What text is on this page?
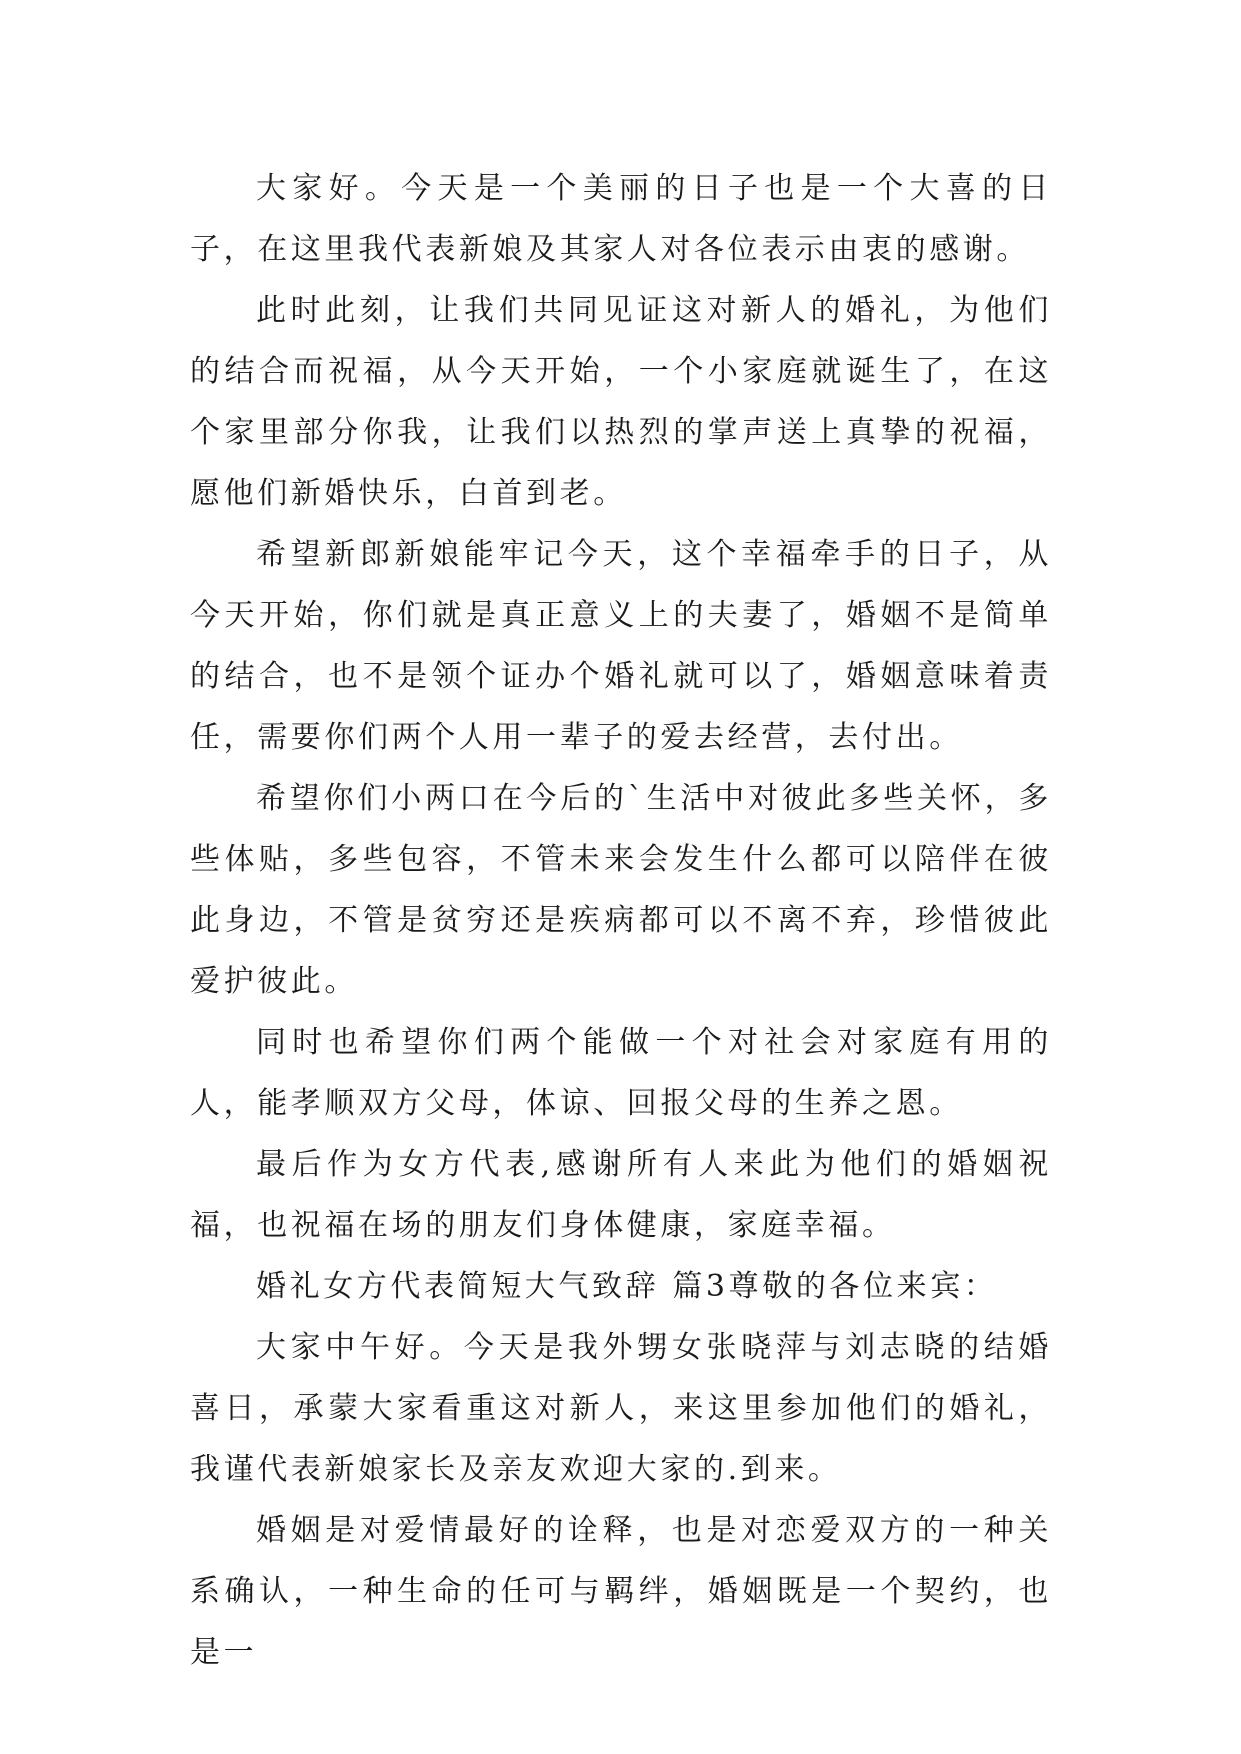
大家好。今天是一个美丽的日子也是一个大喜的日子，在这里我代表新娘及其家人对各位表示由衷的感谢。

此时此刻，让我们共同见证这对新人的婚礼，为他们的结合而祝福，从今天开始，一个小家庭就诞生了，在这个家里部分你我，让我们以热烈的掌声送上真挚的祝福，愿他们新婚快乐，白首到老。

希望新郎新娘能牢记今天，这个幸福牵手的日子，从今天开始，你们就是真正意义上的夫妻了，婚姻不是简单的结合，也不是领个证办个婚礼就可以了，婚姻意味着责任，需要你们两个人用一辈子的爱去经营，去付出。

希望你们小两口在今后的`生活中对彼此多些关怀，多些体贴，多些包容，不管未来会发生什么都可以陪伴在彼此身边，不管是贫穷还是疾病都可以不离不弃，珍惜彼此爱护彼此。

同时也希望你们两个能做一个对社会对家庭有用的人，能孝顺双方父母，体谅、回报父母的生养之恩。

最后作为女方代表,感谢所有人来此为他们的婚姻祝福，也祝福在场的朋友们身体健康，家庭幸福。

婚礼女方代表简短大气致辞 篇3尊敬的各位来宾：

大家中午好。今天是我外甥女张晓萍与刘志晓的结婚喜日，承蒙大家看重这对新人，来这里参加他们的婚礼，我谨代表新娘家长及亲友欢迎大家的.到来。

婚姻是对爱情最好的诠释，也是对恋爱双方的一种关系确认，一种生命的任可与羁绊，婚姻既是一个契约，也是一
